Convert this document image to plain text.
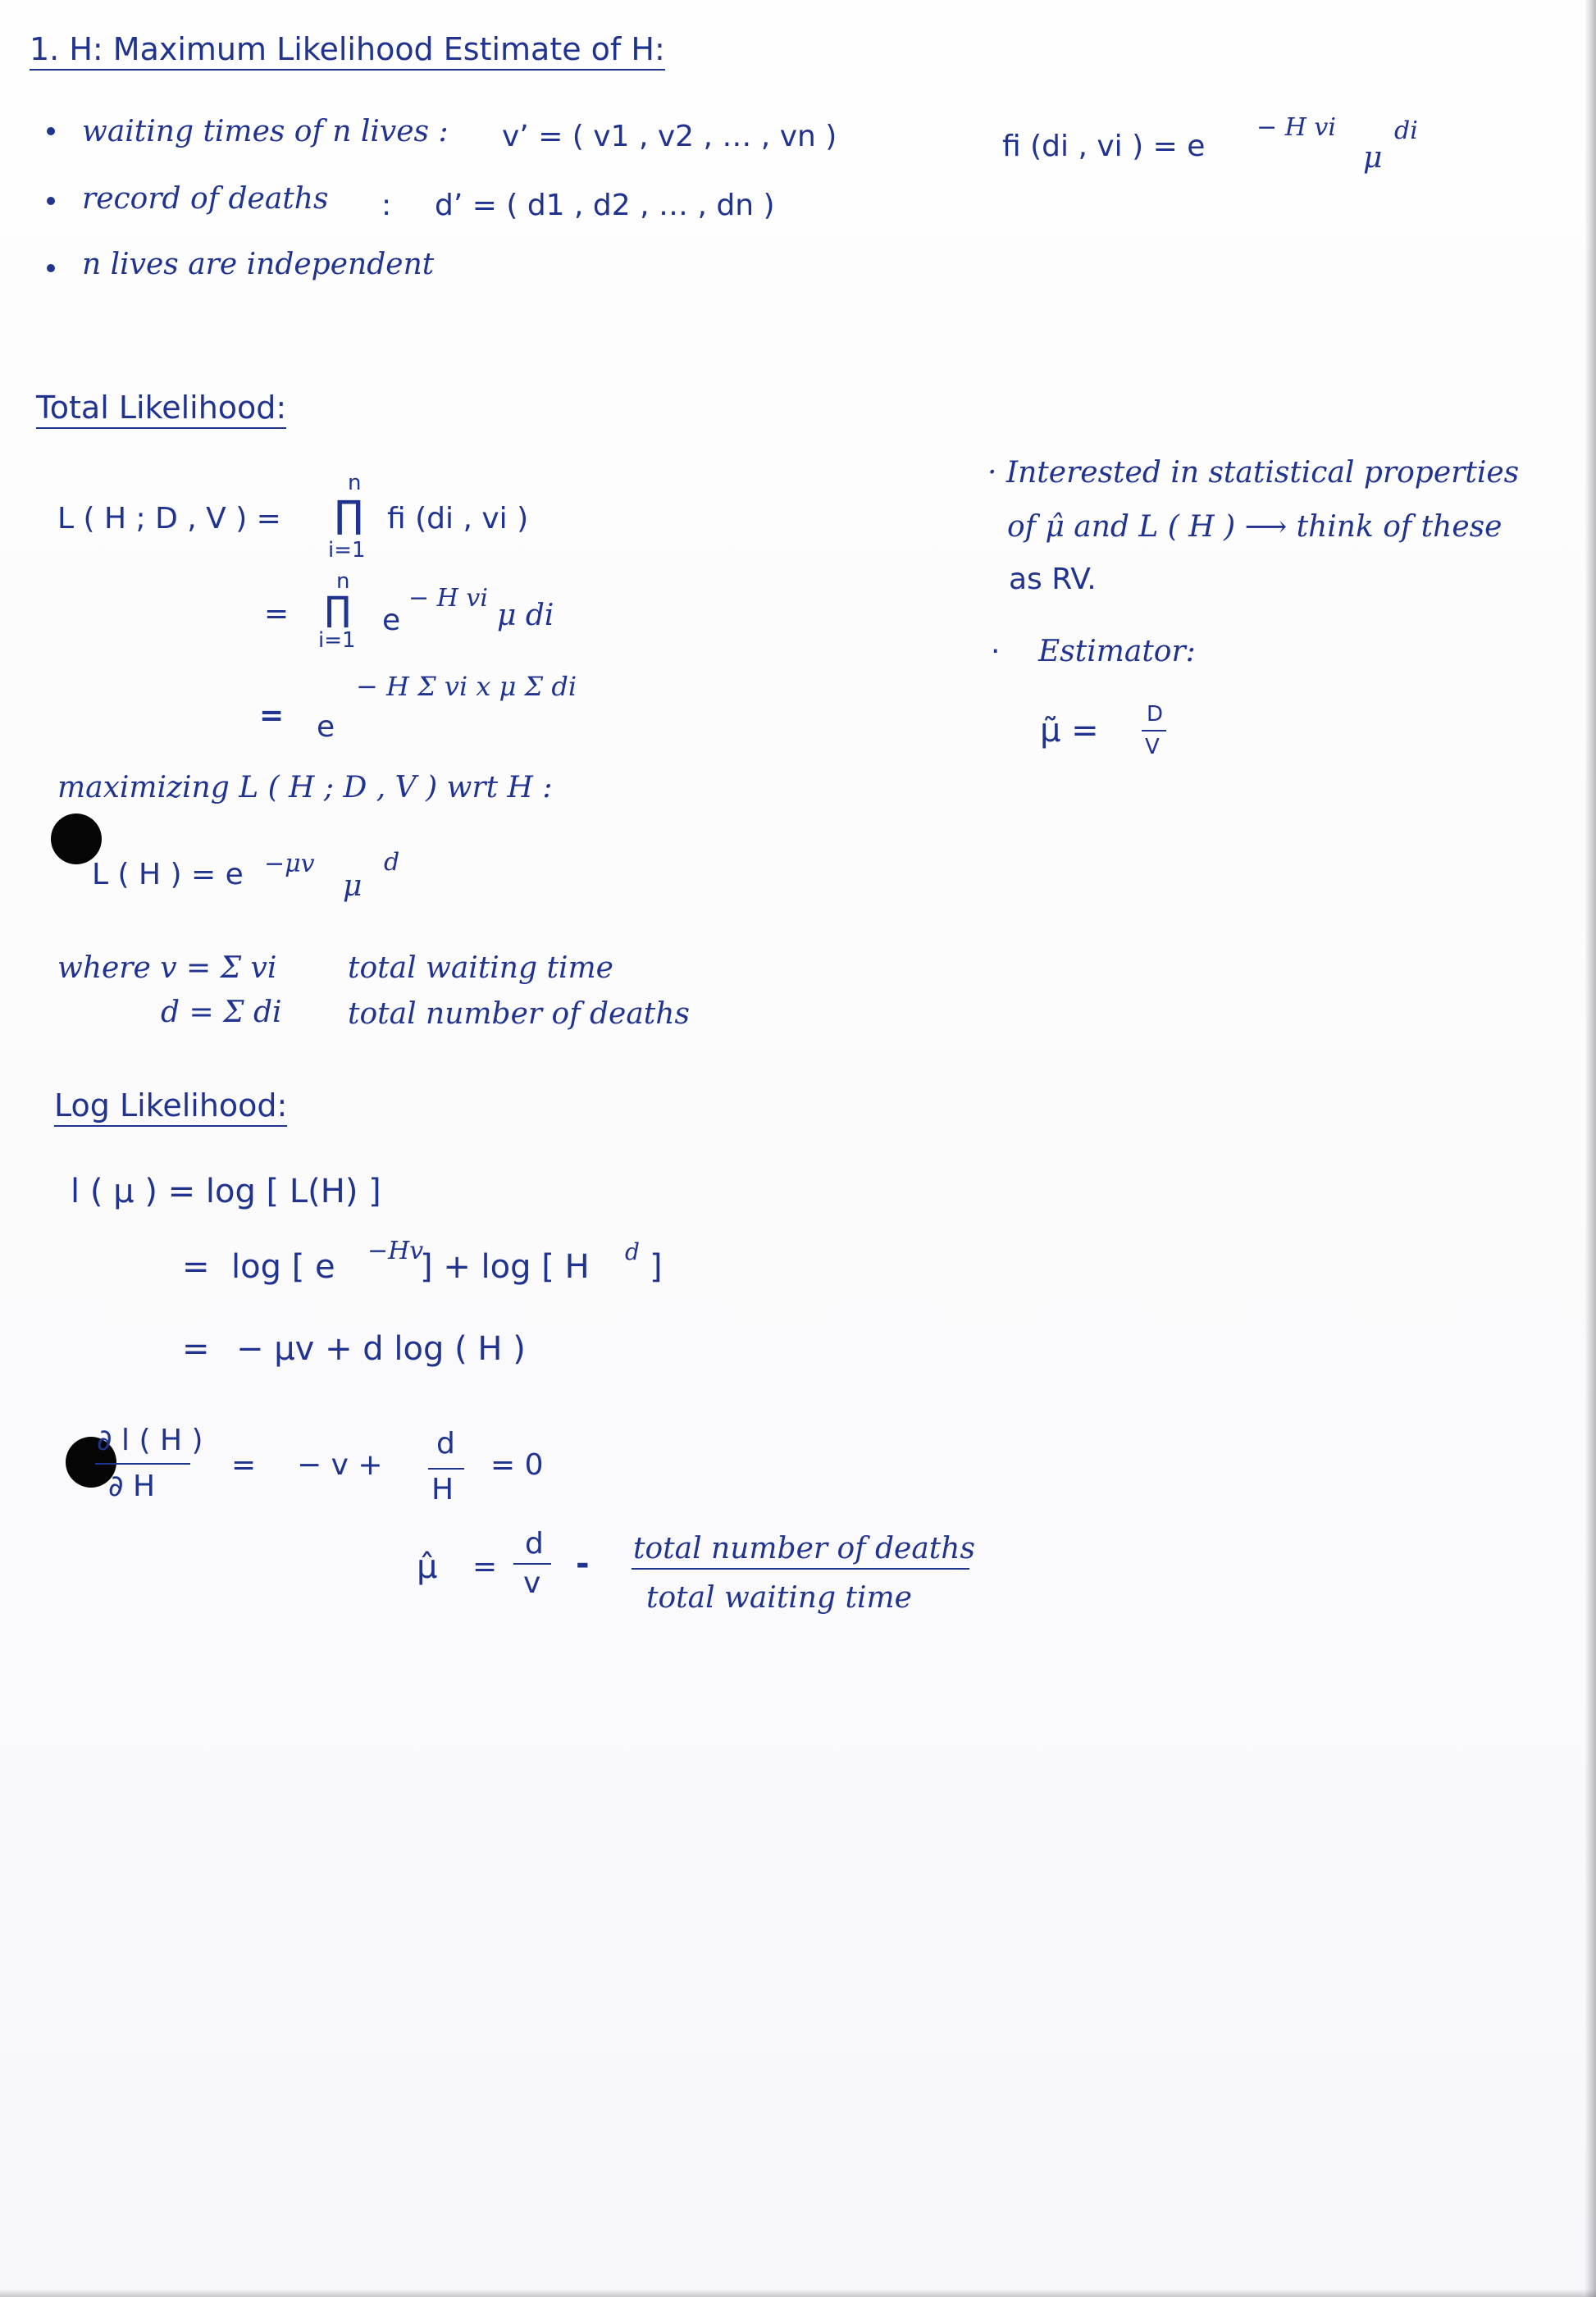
1. H: Maximum Likelihood Estimate of H:
waiting times of n lives : v’ = ( v1 , v2 , … , vn )
record of deaths : d’ = ( d1 , d2 , … , dn )
n lives are independent
fi (di , vi ) = e
− H vi
μ
di
Total Likelihood:
L ( H ; D , V ) =
n
∏
i=1
fi (di , vi )
=
n
∏
i=1
e
− H vi
μ di
= e
− H Σ vi x μ Σ di
maximizing L ( H ; D , V ) wrt H :
L ( H ) = e −μv
μ
d
where v = Σ vi total waiting time
d = Σ di total number of deaths
Log Likelihood:
l ( μ ) = log [ L(H) ]
= log [ e −Hv
] + log [ H d ]
= − μv + d log ( H )
∂ l ( H )
∂ H
= − v +
d
H
= 0
μ̂ =
d
v
- total number of deaths
total waiting time
· Interested in statistical properties
of μ̂ and L ( H ) ⟶ think of these
as RV.
· Estimator:
μ̃ = D
V
